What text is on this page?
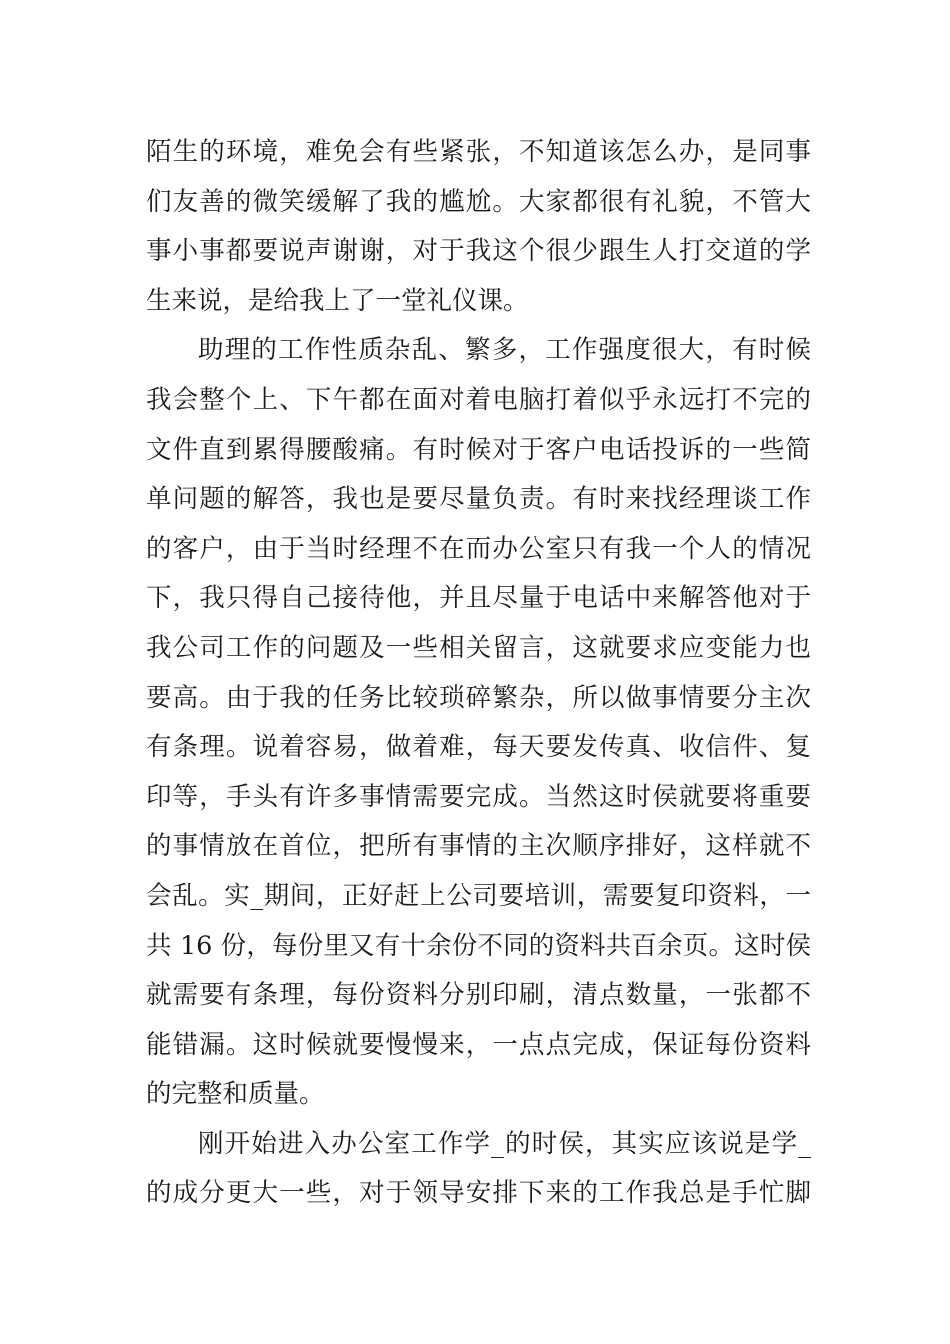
陌生的环境，难免会有些紧张，不知道该怎么办，是同事
们友善的微笑缓解了我的尴尬。大家都很有礼貌，不管大
事小事都要说声谢谢，对于我这个很少跟生人打交道的学
生来说，是给我上了一堂礼仪课。
助理的工作性质杂乱、繁多，工作强度很大，有时候
我会整个上、下午都在面对着电脑打着似乎永远打不完的
文件直到累得腰酸痛。有时候对于客户电话投诉的一些简
单问题的解答，我也是要尽量负责。有时来找经理谈工作
的客户，由于当时经理不在而办公室只有我一个人的情况
下，我只得自己接待他，并且尽量于电话中来解答他对于
我公司工作的问题及一些相关留言，这就要求应变能力也
要高。由于我的任务比较琐碎繁杂，所以做事情要分主次
有条理。说着容易，做着难，每天要发传真、收信件、复
印等，手头有许多事情需要完成。当然这时侯就要将重要
的事情放在首位，把所有事情的主次顺序排好，这样就不
会乱。实_期间，正好赶上公司要培训，需要复印资料，一
共 16 份，每份里又有十余份不同的资料共百余页。这时侯
就需要有条理，每份资料分别印刷，清点数量，一张都不
能错漏。这时候就要慢慢来，一点点完成，保证每份资料
的完整和质量。
刚开始进入办公室工作学_的时侯，其实应该说是学_
的成分更大一些，对于领导安排下来的工作我总是手忙脚
